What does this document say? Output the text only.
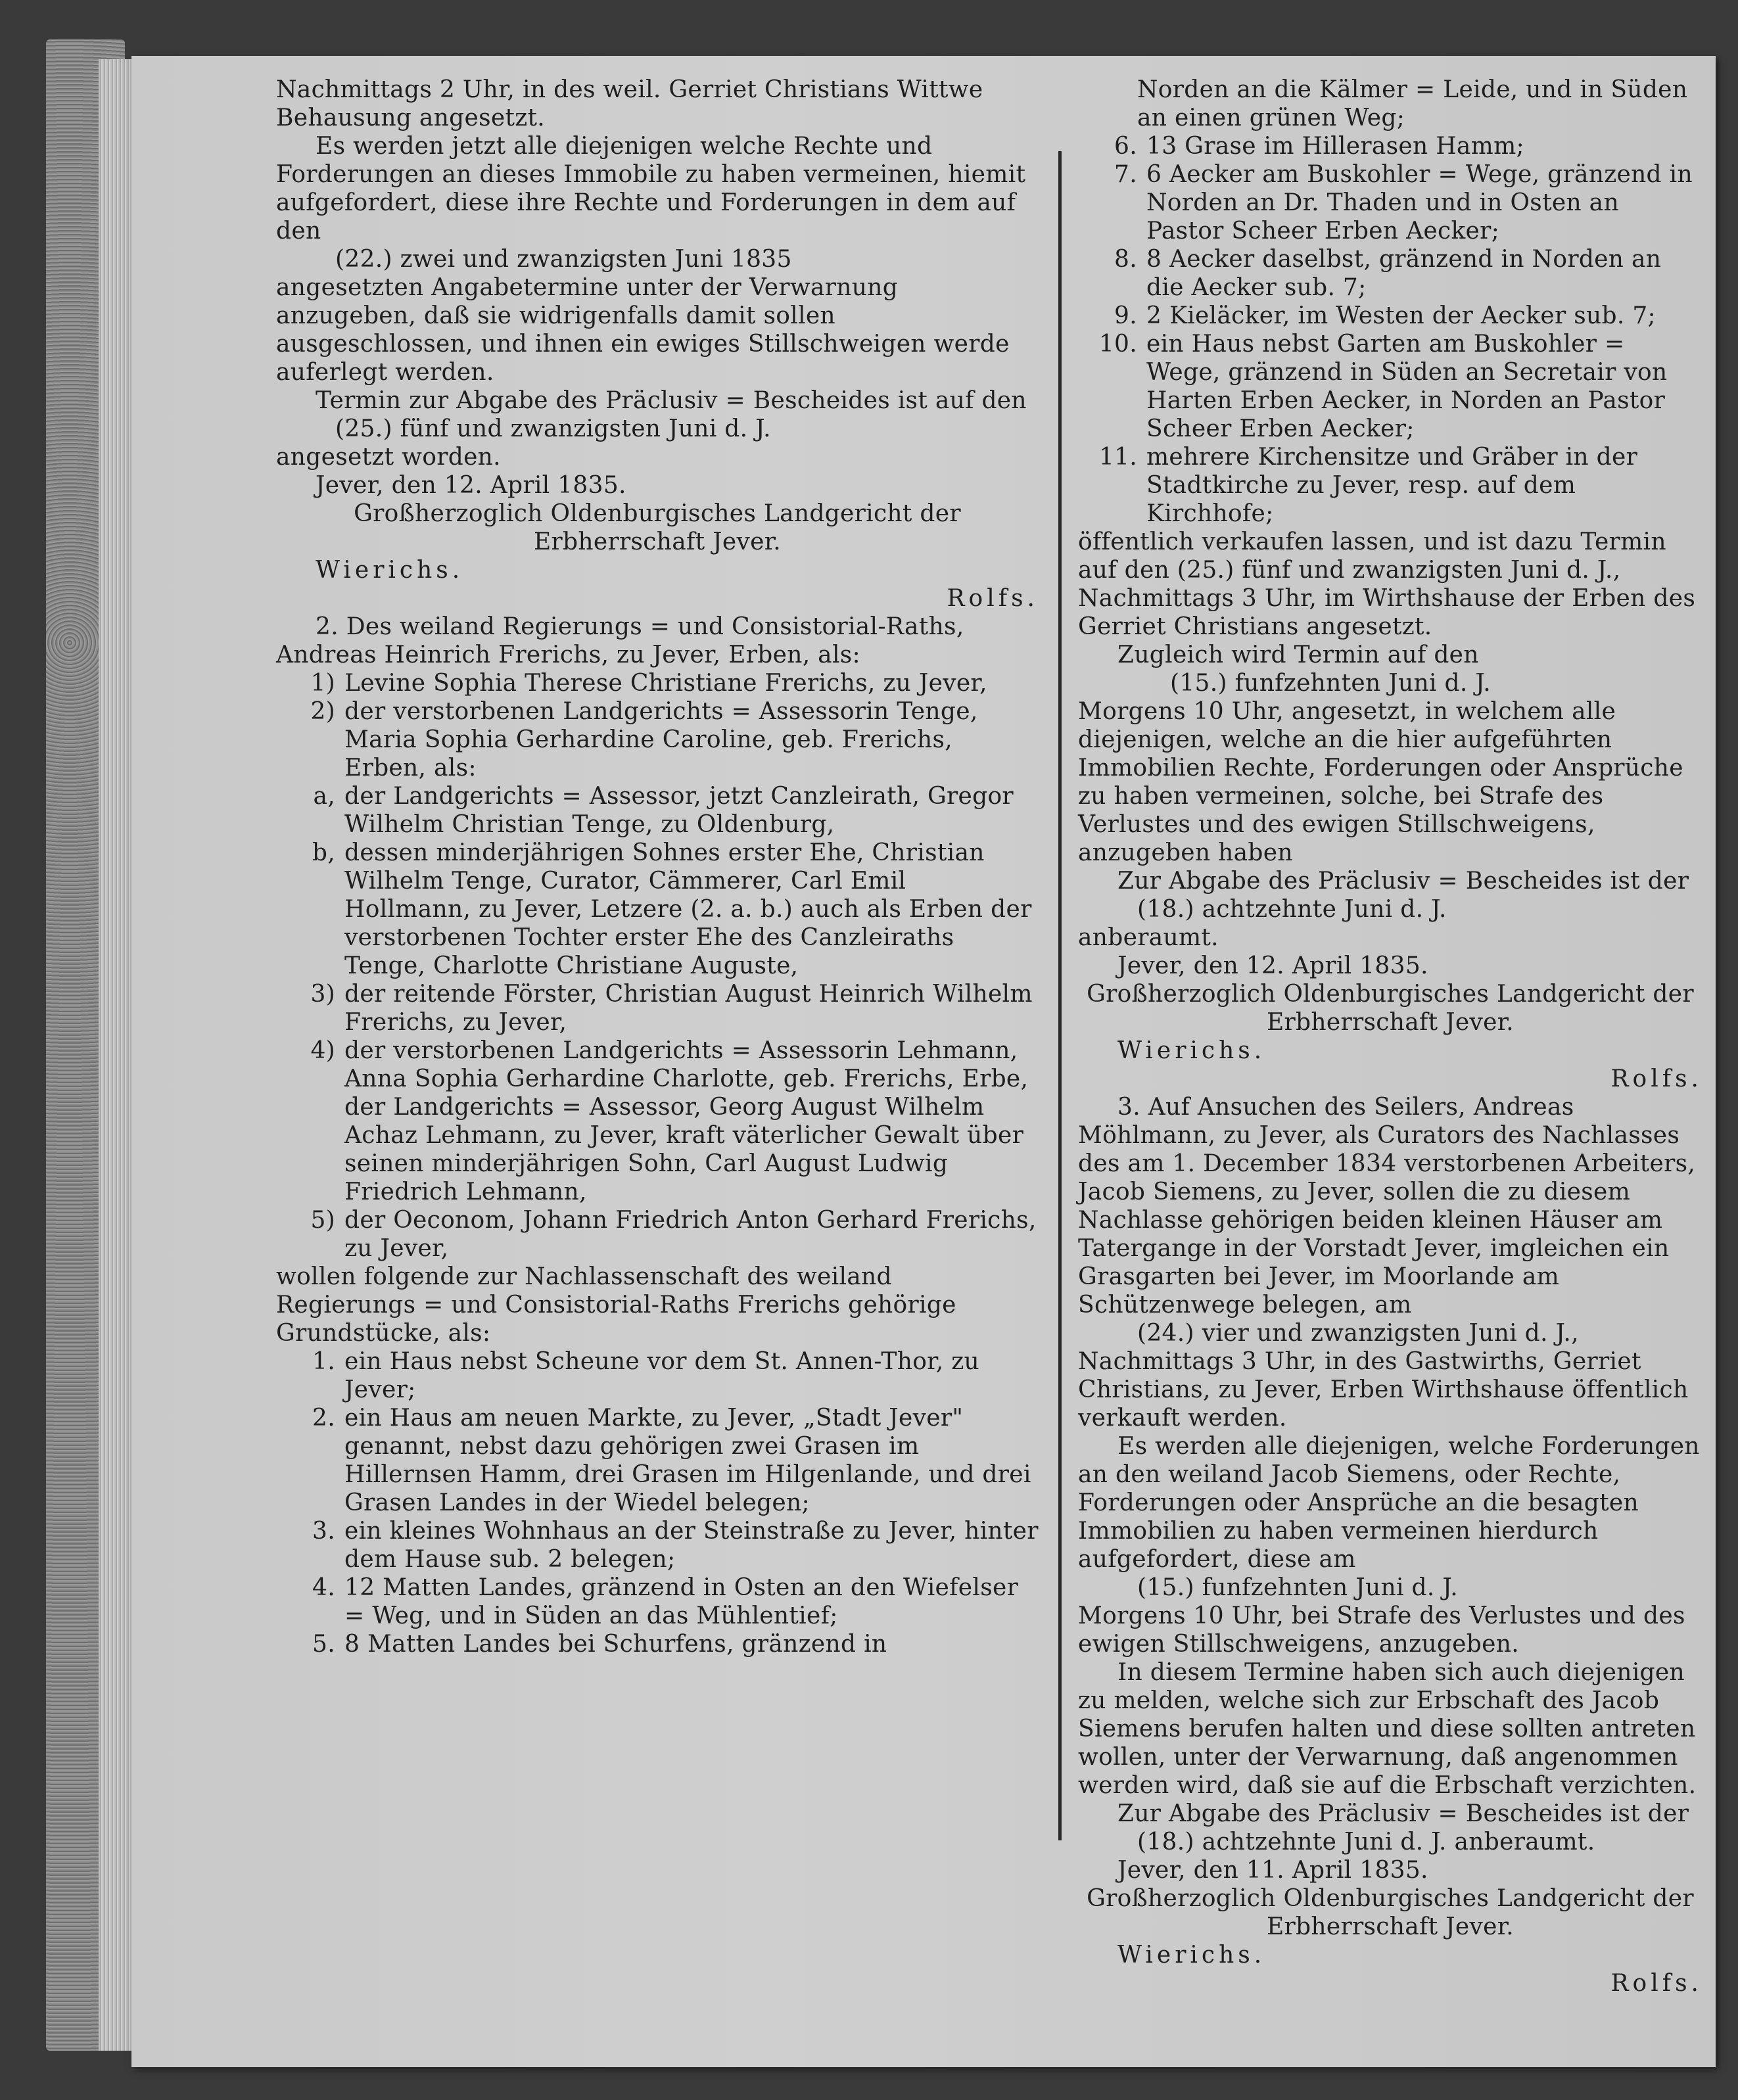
Nachmittags 2 Uhr, in des weil. Gerriet Christians Wittwe Behausung angesetzt.

Es werden jetzt alle diejenigen welche Rechte und Forderungen an dieses Immobile zu haben vermeinen, hiemit aufgefordert, diese ihre Rechte und Forderungen in dem auf den

(22.) zwei und zwanzigsten Juni 1835

angesetzten Angabetermine unter der Verwarnung anzugeben, daß sie widrigenfalls damit sollen ausgeschlossen, und ihnen ein ewiges Stillschweigen werde auferlegt werden.

Termin zur Abgabe des Präclusiv = Bescheides ist auf den

(25.) fünf und zwanzigsten Juni d. J.

angesetzt worden.

Jever, den 12. April 1835.

Großherzoglich Oldenburgisches Landgericht der Erbherrschaft Jever.

Wierichs.

Rolfs.

2. Des weiland Regierungs = und Consistorial-Raths, Andreas Heinrich Frerichs, zu Jever, Erben, als:

1) Levine Sophia Therese Christiane Frerichs, zu Jever,

2) der verstorbenen Landgerichts = Assessorin Tenge, Maria Sophia Gerhardine Caroline, geb. Frerichs, Erben, als:

a, der Landgerichts = Assessor, jetzt Canzleirath, Gregor Wilhelm Christian Tenge, zu Oldenburg,

b, dessen minderjährigen Sohnes erster Ehe, Christian Wilhelm Tenge, Curator, Cämmerer, Carl Emil Hollmann, zu Jever, Letzere (2. a. b.) auch als Erben der verstorbenen Tochter erster Ehe des Canzleiraths Tenge, Charlotte Christiane Auguste,

3) der reitende Förster, Christian August Heinrich Wilhelm Frerichs, zu Jever,

4) der verstorbenen Landgerichts = Assessorin Lehmann, Anna Sophia Gerhardine Charlotte, geb. Frerichs, Erbe, der Landgerichts = Assessor, Georg August Wilhelm Achaz Lehmann, zu Jever, kraft väterlicher Gewalt über seinen minderjährigen Sohn, Carl August Ludwig Friedrich Lehmann,

5) der Oeconom, Johann Friedrich Anton Gerhard Frerichs, zu Jever,

wollen folgende zur Nachlassenschaft des weiland Regierungs = und Consistorial-Raths Frerichs gehörige Grundstücke, als:

1. ein Haus nebst Scheune vor dem St. Annen-Thor, zu Jever;

2. ein Haus am neuen Markte, zu Jever, „Stadt Jever" genannt, nebst dazu gehörigen zwei Grasen im Hillernsen Hamm, drei Grasen im Hilgenlande, und drei Grasen Landes in der Wiedel belegen;

3. ein kleines Wohnhaus an der Steinstraße zu Jever, hinter dem Hause sub. 2 belegen;

4. 12 Matten Landes, gränzend in Osten an den Wiefelser = Weg, und in Süden an das Mühlentief;

5. 8 Matten Landes bei Schurfens, gränzend in

Norden an die Kälmer = Leide, und in Süden an einen grünen Weg;

6. 13 Grase im Hillerasen Hamm;

7. 6 Aecker am Buskohler = Wege, gränzend in Norden an Dr. Thaden und in Osten an Pastor Scheer Erben Aecker;

8. 8 Aecker daselbst, gränzend in Norden an die Aecker sub. 7;

9. 2 Kieläcker, im Westen der Aecker sub. 7;

10. ein Haus nebst Garten am Buskohler = Wege, gränzend in Süden an Secretair von Harten Erben Aecker, in Norden an Pastor Scheer Erben Aecker;

11. mehrere Kirchensitze und Gräber in der Stadtkirche zu Jever, resp. auf dem Kirchhofe;

öffentlich verkaufen lassen, und ist dazu Termin auf den (25.) fünf und zwanzigsten Juni d. J., Nachmittags 3 Uhr, im Wirthshause der Erben des Gerriet Christians angesetzt.

Zugleich wird Termin auf den

(15.) funfzehnten Juni d. J.

Morgens 10 Uhr, angesetzt, in welchem alle diejenigen, welche an die hier aufgeführten Immobilien Rechte, Forderungen oder Ansprüche zu haben vermeinen, solche, bei Strafe des Verlustes und des ewigen Stillschweigens, anzugeben haben

Zur Abgabe des Präclusiv = Bescheides ist der

(18.) achtzehnte Juni d. J.

anberaumt.

Jever, den 12. April 1835.

Großherzoglich Oldenburgisches Landgericht der Erbherrschaft Jever.

Wierichs.

Rolfs.

3. Auf Ansuchen des Seilers, Andreas Möhlmann, zu Jever, als Curators des Nachlasses des am 1. December 1834 verstorbenen Arbeiters, Jacob Siemens, zu Jever, sollen die zu diesem Nachlasse gehörigen beiden kleinen Häuser am Tatergange in der Vorstadt Jever, imgleichen ein Grasgarten bei Jever, im Moorlande am Schützenwege belegen, am

(24.) vier und zwanzigsten Juni d. J.,

Nachmittags 3 Uhr, in des Gastwirths, Gerriet Christians, zu Jever, Erben Wirthshause öffentlich verkauft werden.

Es werden alle diejenigen, welche Forderungen an den weiland Jacob Siemens, oder Rechte, Forderungen oder Ansprüche an die besagten Immobilien zu haben vermeinen hierdurch aufgefordert, diese am

(15.) funfzehnten Juni d. J.

Morgens 10 Uhr, bei Strafe des Verlustes und des ewigen Stillschweigens, anzugeben.

In diesem Termine haben sich auch diejenigen zu melden, welche sich zur Erbschaft des Jacob Siemens berufen halten und diese sollten antreten wollen, unter der Verwarnung, daß angenommen werden wird, daß sie auf die Erbschaft verzichten.

Zur Abgabe des Präclusiv = Bescheides ist der

(18.) achtzehnte Juni d. J. anberaumt.

Jever, den 11. April 1835.

Großherzoglich Oldenburgisches Landgericht der Erbherrschaft Jever.

Wierichs.

Rolfs.
